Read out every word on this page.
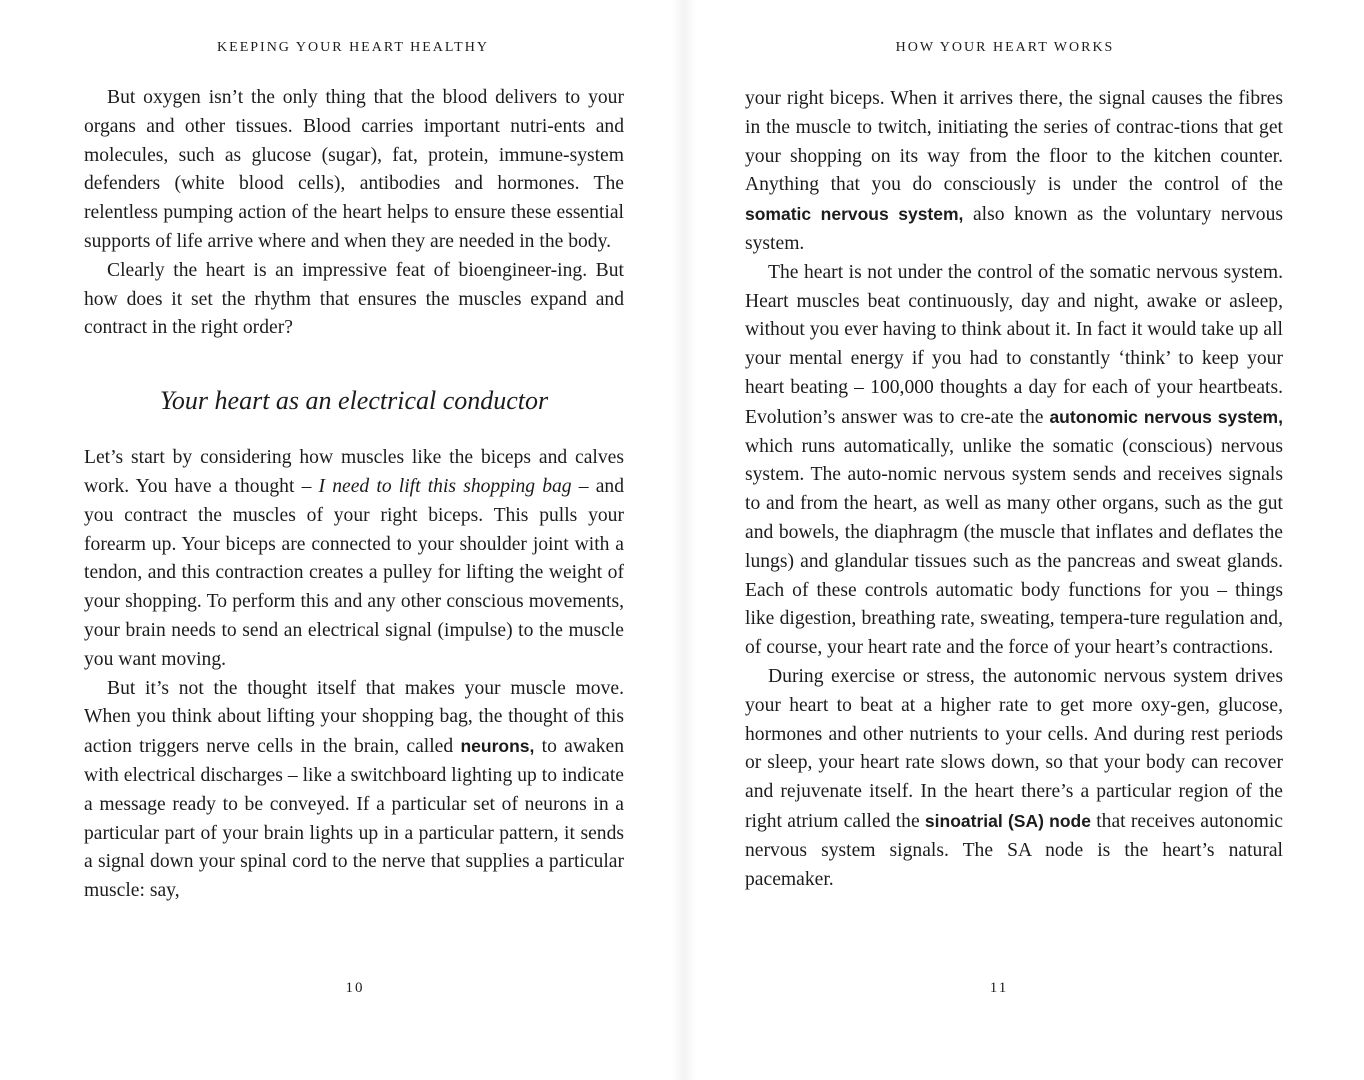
KEEPING YOUR HEART HEALTHY

But oxygen isn’t the only thing that the blood delivers to your organs and other tissues. Blood carries important nutri-ents and molecules, such as glucose (sugar), fat, protein, immune-system defenders (white blood cells), antibodies and hormones. The relentless pumping action of the heart helps to ensure these essential supports of life arrive where and when they are needed in the body.

Clearly the heart is an impressive feat of bioengineer-ing. But how does it set the rhythm that ensures the muscles expand and contract in the right order?

Your heart as an electrical conductor

Let’s start by considering how muscles like the biceps and calves work. You have a thought – I need to lift this shopping bag – and you contract the muscles of your right biceps. This pulls your forearm up. Your biceps are connected to your shoulder joint with a tendon, and this contraction creates a pulley for lifting the weight of your shopping. To perform this and any other conscious movements, your brain needs to send an electrical signal (impulse) to the muscle you want moving.

But it’s not the thought itself that makes your muscle move. When you think about lifting your shopping bag, the thought of this action triggers nerve cells in the brain, called neurons, to awaken with electrical discharges – like a switchboard lighting up to indicate a message ready to be conveyed. If a particular set of neurons in a particular part of your brain lights up in a particular pattern, it sends a signal down your spinal cord to the nerve that supplies a particular muscle: say,

10
HOW YOUR HEART WORKS

your right biceps. When it arrives there, the signal causes the fibres in the muscle to twitch, initiating the series of contrac-tions that get your shopping on its way from the floor to the kitchen counter. Anything that you do consciously is under the control of the somatic nervous system, also known as the voluntary nervous system.

The heart is not under the control of the somatic nervous system. Heart muscles beat continuously, day and night, awake or asleep, without you ever having to think about it. In fact it would take up all your mental energy if you had to constantly ‘think’ to keep your heart beating – 100,000 thoughts a day for each of your heartbeats. Evolution’s answer was to cre-ate the autonomic nervous system, which runs automatically, unlike the somatic (conscious) nervous system. The auto-nomic nervous system sends and receives signals to and from the heart, as well as many other organs, such as the gut and bowels, the diaphragm (the muscle that inflates and deflates the lungs) and glandular tissues such as the pancreas and sweat glands. Each of these controls automatic body functions for you – things like digestion, breathing rate, sweating, tempera-ture regulation and, of course, your heart rate and the force of your heart’s contractions.

During exercise or stress, the autonomic nervous system drives your heart to beat at a higher rate to get more oxy-gen, glucose, hormones and other nutrients to your cells. And during rest periods or sleep, your heart rate slows down, so that your body can recover and rejuvenate itself. In the heart there’s a particular region of the right atrium called the sinoatrial (SA) node that receives autonomic nervous system signals. The SA node is the heart’s natural pacemaker.

11
